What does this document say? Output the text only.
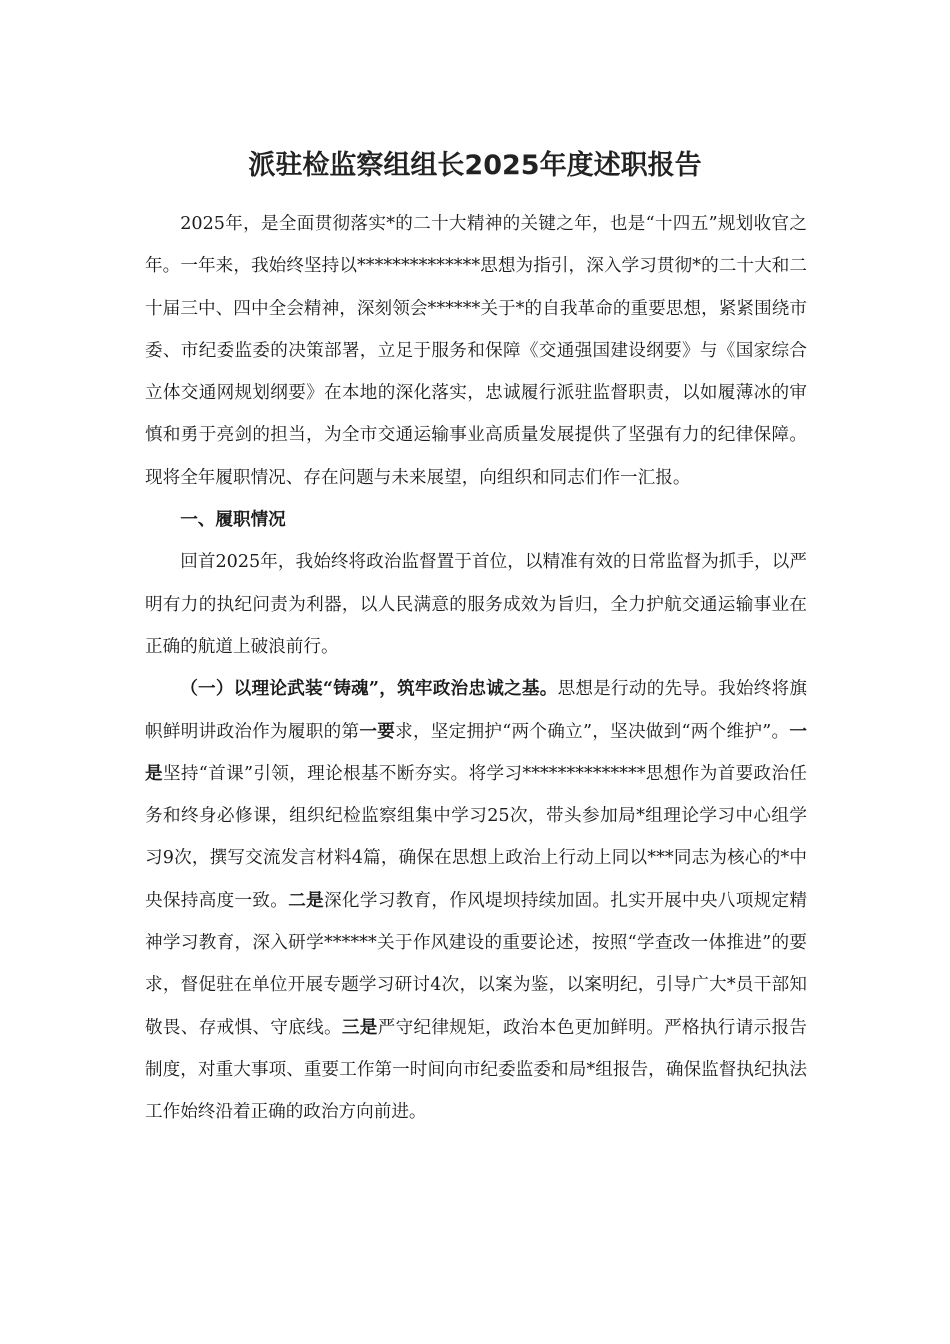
派驻检监察组组长2025年度述职报告

2025年，是全面贯彻落实*的二十大精神的关键之年，也是“十四五”规划收官之年。一年来，我始终坚持以**************思想为指引，深入学习贯彻*的二十大和二十届三中、四中全会精神，深刻领会******关于*的自我革命的重要思想，紧紧围绕市委、市纪委监委的决策部署，立足于服务和保障《交通强国建设纲要》与《国家综合立体交通网规划纲要》在本地的深化落实，忠诚履行派驻监督职责，以如履薄冰的审慎和勇于亮剑的担当，为全市交通运输事业高质量发展提供了坚强有力的纪律保障。现将全年履职情况、存在问题与未来展望，向组织和同志们作一汇报。

一、履职情况

回首2025年，我始终将政治监督置于首位，以精准有效的日常监督为抓手，以严明有力的执纪问责为利器，以人民满意的服务成效为旨归，全力护航交通运输事业在正确的航道上破浪前行。

（一）以理论武装“铸魂”，筑牢政治忠诚之基。思想是行动的先导。我始终将旗帜鲜明讲政治作为履职的第一要求，坚定拥护“两个确立”，坚决做到“两个维护”。一是坚持“首课”引领，理论根基不断夯实。将学习**************思想作为首要政治任务和终身必修课，组织纪检监察组集中学习25次，带头参加局*组理论学习中心组学习9次，撰写交流发言材料4篇，确保在思想上政治上行动上同以***同志为核心的*中央保持高度一致。二是深化学习教育，作风堤坝持续加固。扎实开展中央八项规定精神学习教育，深入研学******关于作风建设的重要论述，按照“学查改一体推进”的要求，督促驻在单位开展专题学习研讨4次，以案为鉴，以案明纪，引导广大*员干部知敬畏、存戒惧、守底线。三是严守纪律规矩，政治本色更加鲜明。严格执行请示报告制度，对重大事项、重要工作第一时间向市纪委监委和局*组报告，确保监督执纪执法工作始终沿着正确的政治方向前进。
